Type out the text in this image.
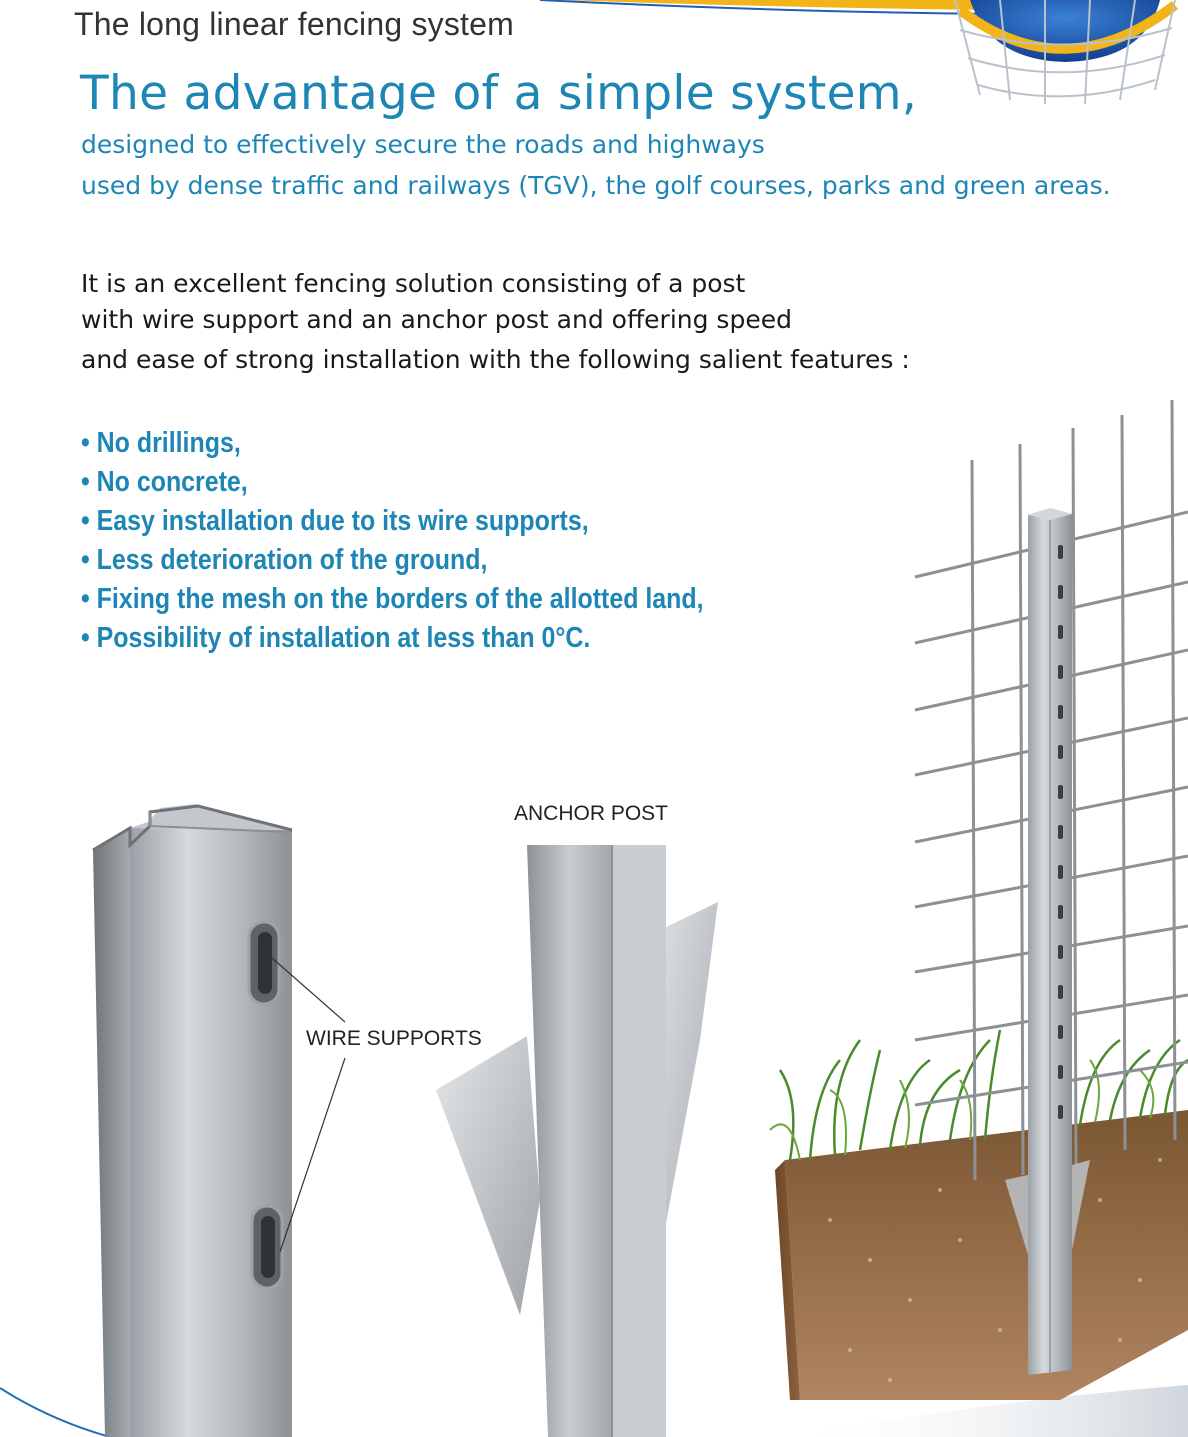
The long linear fencing system
The advantage of a simple system,
designed to effectively secure the roads and highways
used by dense traffic and railways (TGV), the golf courses, parks and green areas.
It is an excellent fencing solution consisting of a post
with wire support and an anchor post and offering speed
and ease of strong installation with the following salient features :
• No drillings,
• No concrete,
• Easy installation due to its wire supports,
• Less deterioration of the ground,
• Fixing the mesh on the borders of the allotted land,
• Possibility of installation at less than 0°C.
ANCHOR POST
WIRE SUPPORTS
